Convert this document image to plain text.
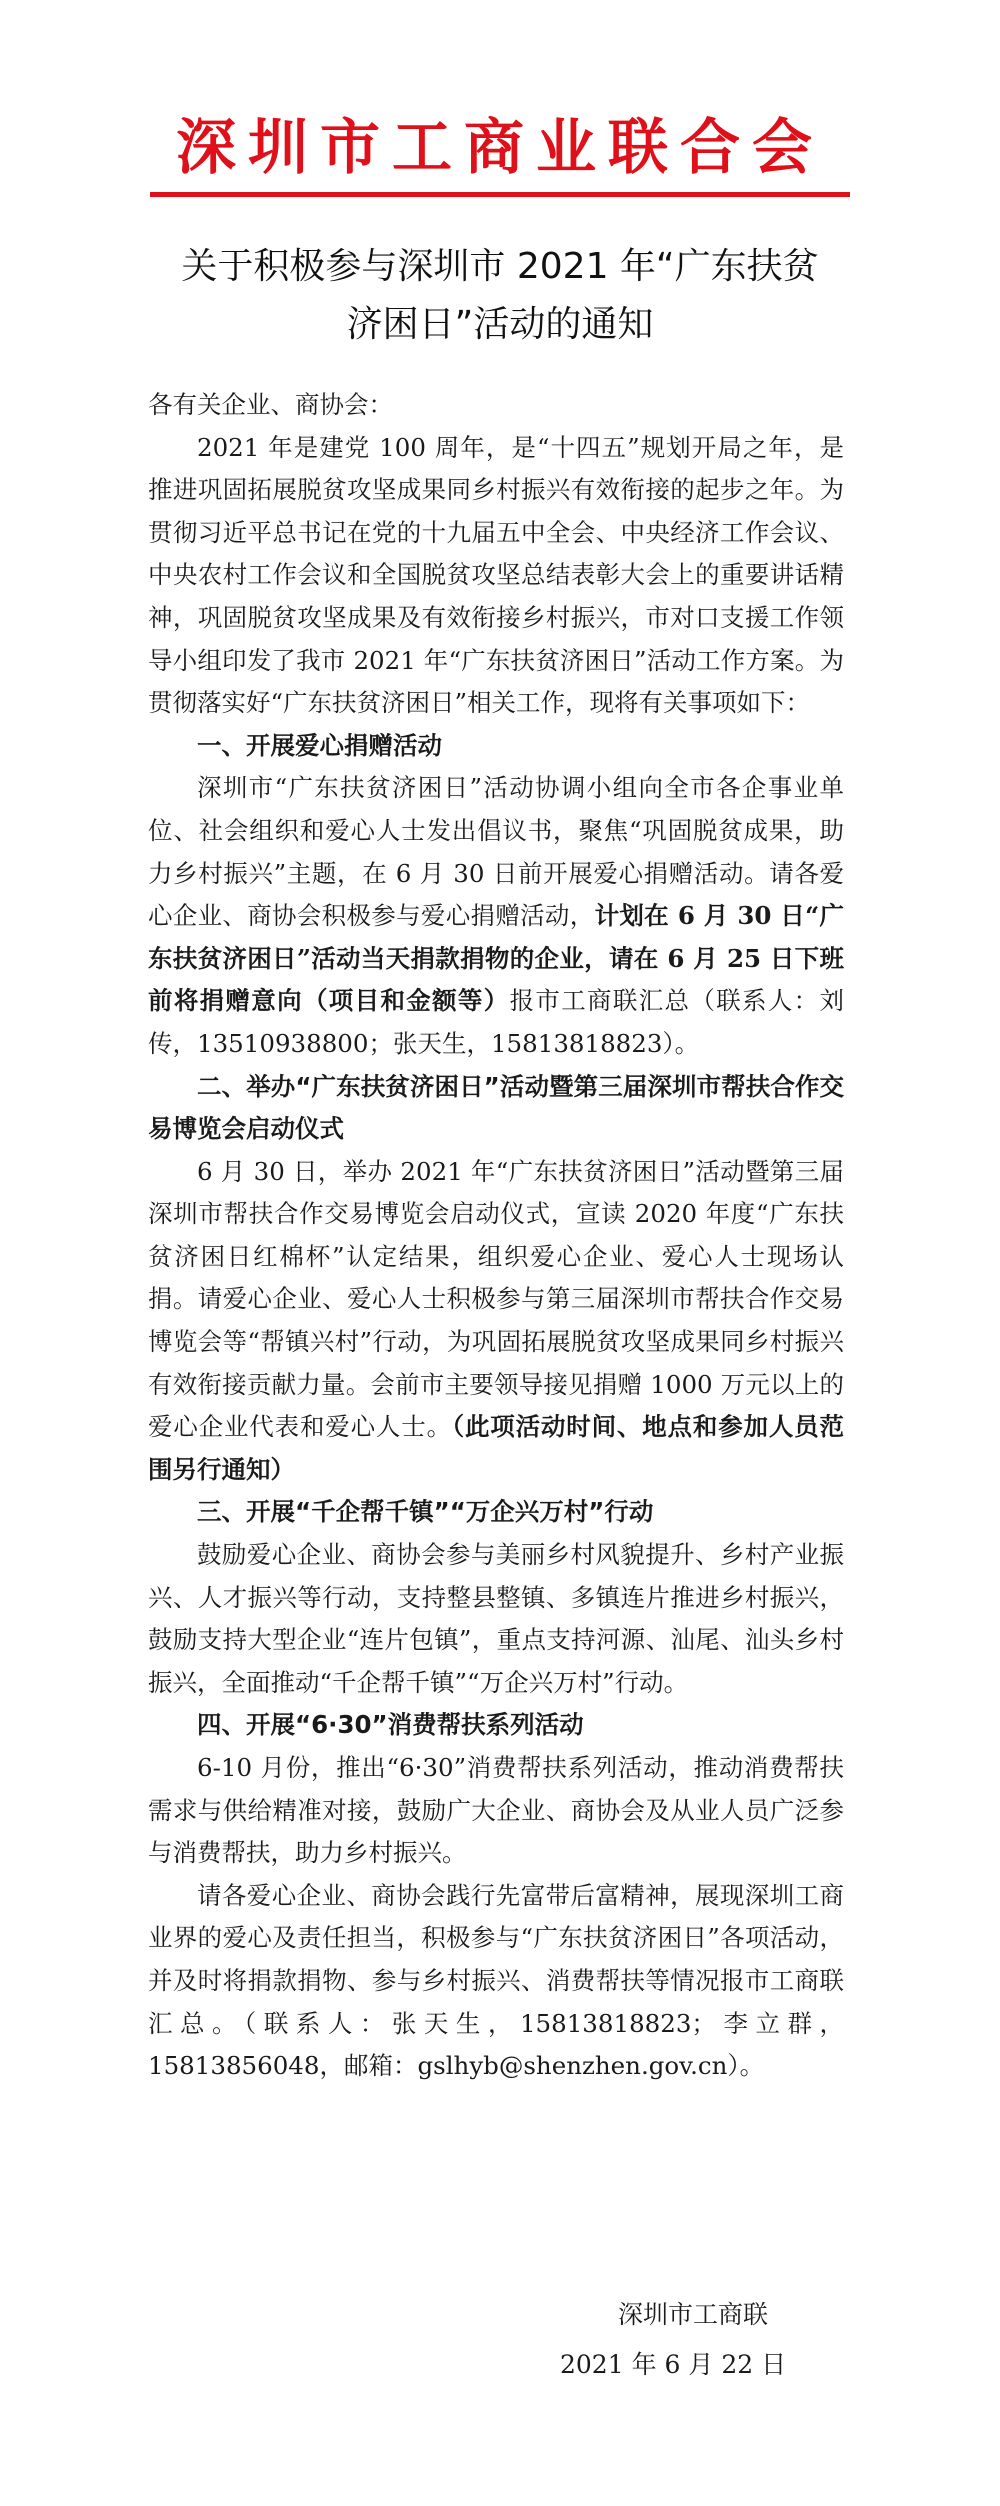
深圳市工商业联合会
关于积极参与深圳市 2021 年“广东扶贫
济困日”活动的通知

各有关企业、商协会：

2021 年是建党 100 周年，是“十四五”规划开局之年，是推进巩固拓展脱贫攻坚成果同乡村振兴有效衔接的起步之年。为贯彻习近平总书记在党的十九届五中全会、中央经济工作会议、中央农村工作会议和全国脱贫攻坚总结表彰大会上的重要讲话精神，巩固脱贫攻坚成果及有效衔接乡村振兴，市对口支援工作领导小组印发了我市 2021 年“广东扶贫济困日”活动工作方案。为贯彻落实好“广东扶贫济困日”相关工作，现将有关事项如下：

一、开展爱心捐赠活动

深圳市“广东扶贫济困日”活动协调小组向全市各企事业单位、社会组织和爱心人士发出倡议书，聚焦“巩固脱贫成果，助力乡村振兴”主题，在 6 月 30 日前开展爱心捐赠活动。请各爱心企业、商协会积极参与爱心捐赠活动，计划在 6 月 30 日“广东扶贫济困日”活动当天捐款捐物的企业，请在 6 月 25 日下班前将捐赠意向（项目和金额等）报市工商联汇总（联系人：刘传，13510938800；张天生，15813818823）。

二、举办“广东扶贫济困日”活动暨第三届深圳市帮扶合作交易博览会启动仪式

6 月 30 日，举办 2021 年“广东扶贫济困日”活动暨第三届深圳市帮扶合作交易博览会启动仪式，宣读 2020 年度“广东扶贫济困日红棉杯”认定结果，组织爱心企业、爱心人士现场认捐。请爱心企业、爱心人士积极参与第三届深圳市帮扶合作交易博览会等“帮镇兴村”行动，为巩固拓展脱贫攻坚成果同乡村振兴有效衔接贡献力量。会前市主要领导接见捐赠 1000 万元以上的爱心企业代表和爱心人士。（此项活动时间、地点和参加人员范围另行通知）

三、开展“千企帮千镇”“万企兴万村”行动

鼓励爱心企业、商协会参与美丽乡村风貌提升、乡村产业振兴、人才振兴等行动，支持整县整镇、多镇连片推进乡村振兴，鼓励支持大型企业“连片包镇”，重点支持河源、汕尾、汕头乡村振兴，全面推动“千企帮千镇”“万企兴万村”行动。

四、开展“6·30”消费帮扶系列活动

6-10 月份，推出“6·30”消费帮扶系列活动，推动消费帮扶需求与供给精准对接，鼓励广大企业、商协会及从业人员广泛参与消费帮扶，助力乡村振兴。

请各爱心企业、商协会践行先富带后富精神，展现深圳工商业界的爱心及责任担当，积极参与“广东扶贫济困日”各项活动，并及时将捐款捐物、参与乡村振兴、消费帮扶等情况报市工商联汇总。（联系人：张天生，15813818823；李立群，15813856048，邮箱：gslhyb@shenzhen.gov.cn）。

深圳市工商联
2021 年 6 月 22 日
